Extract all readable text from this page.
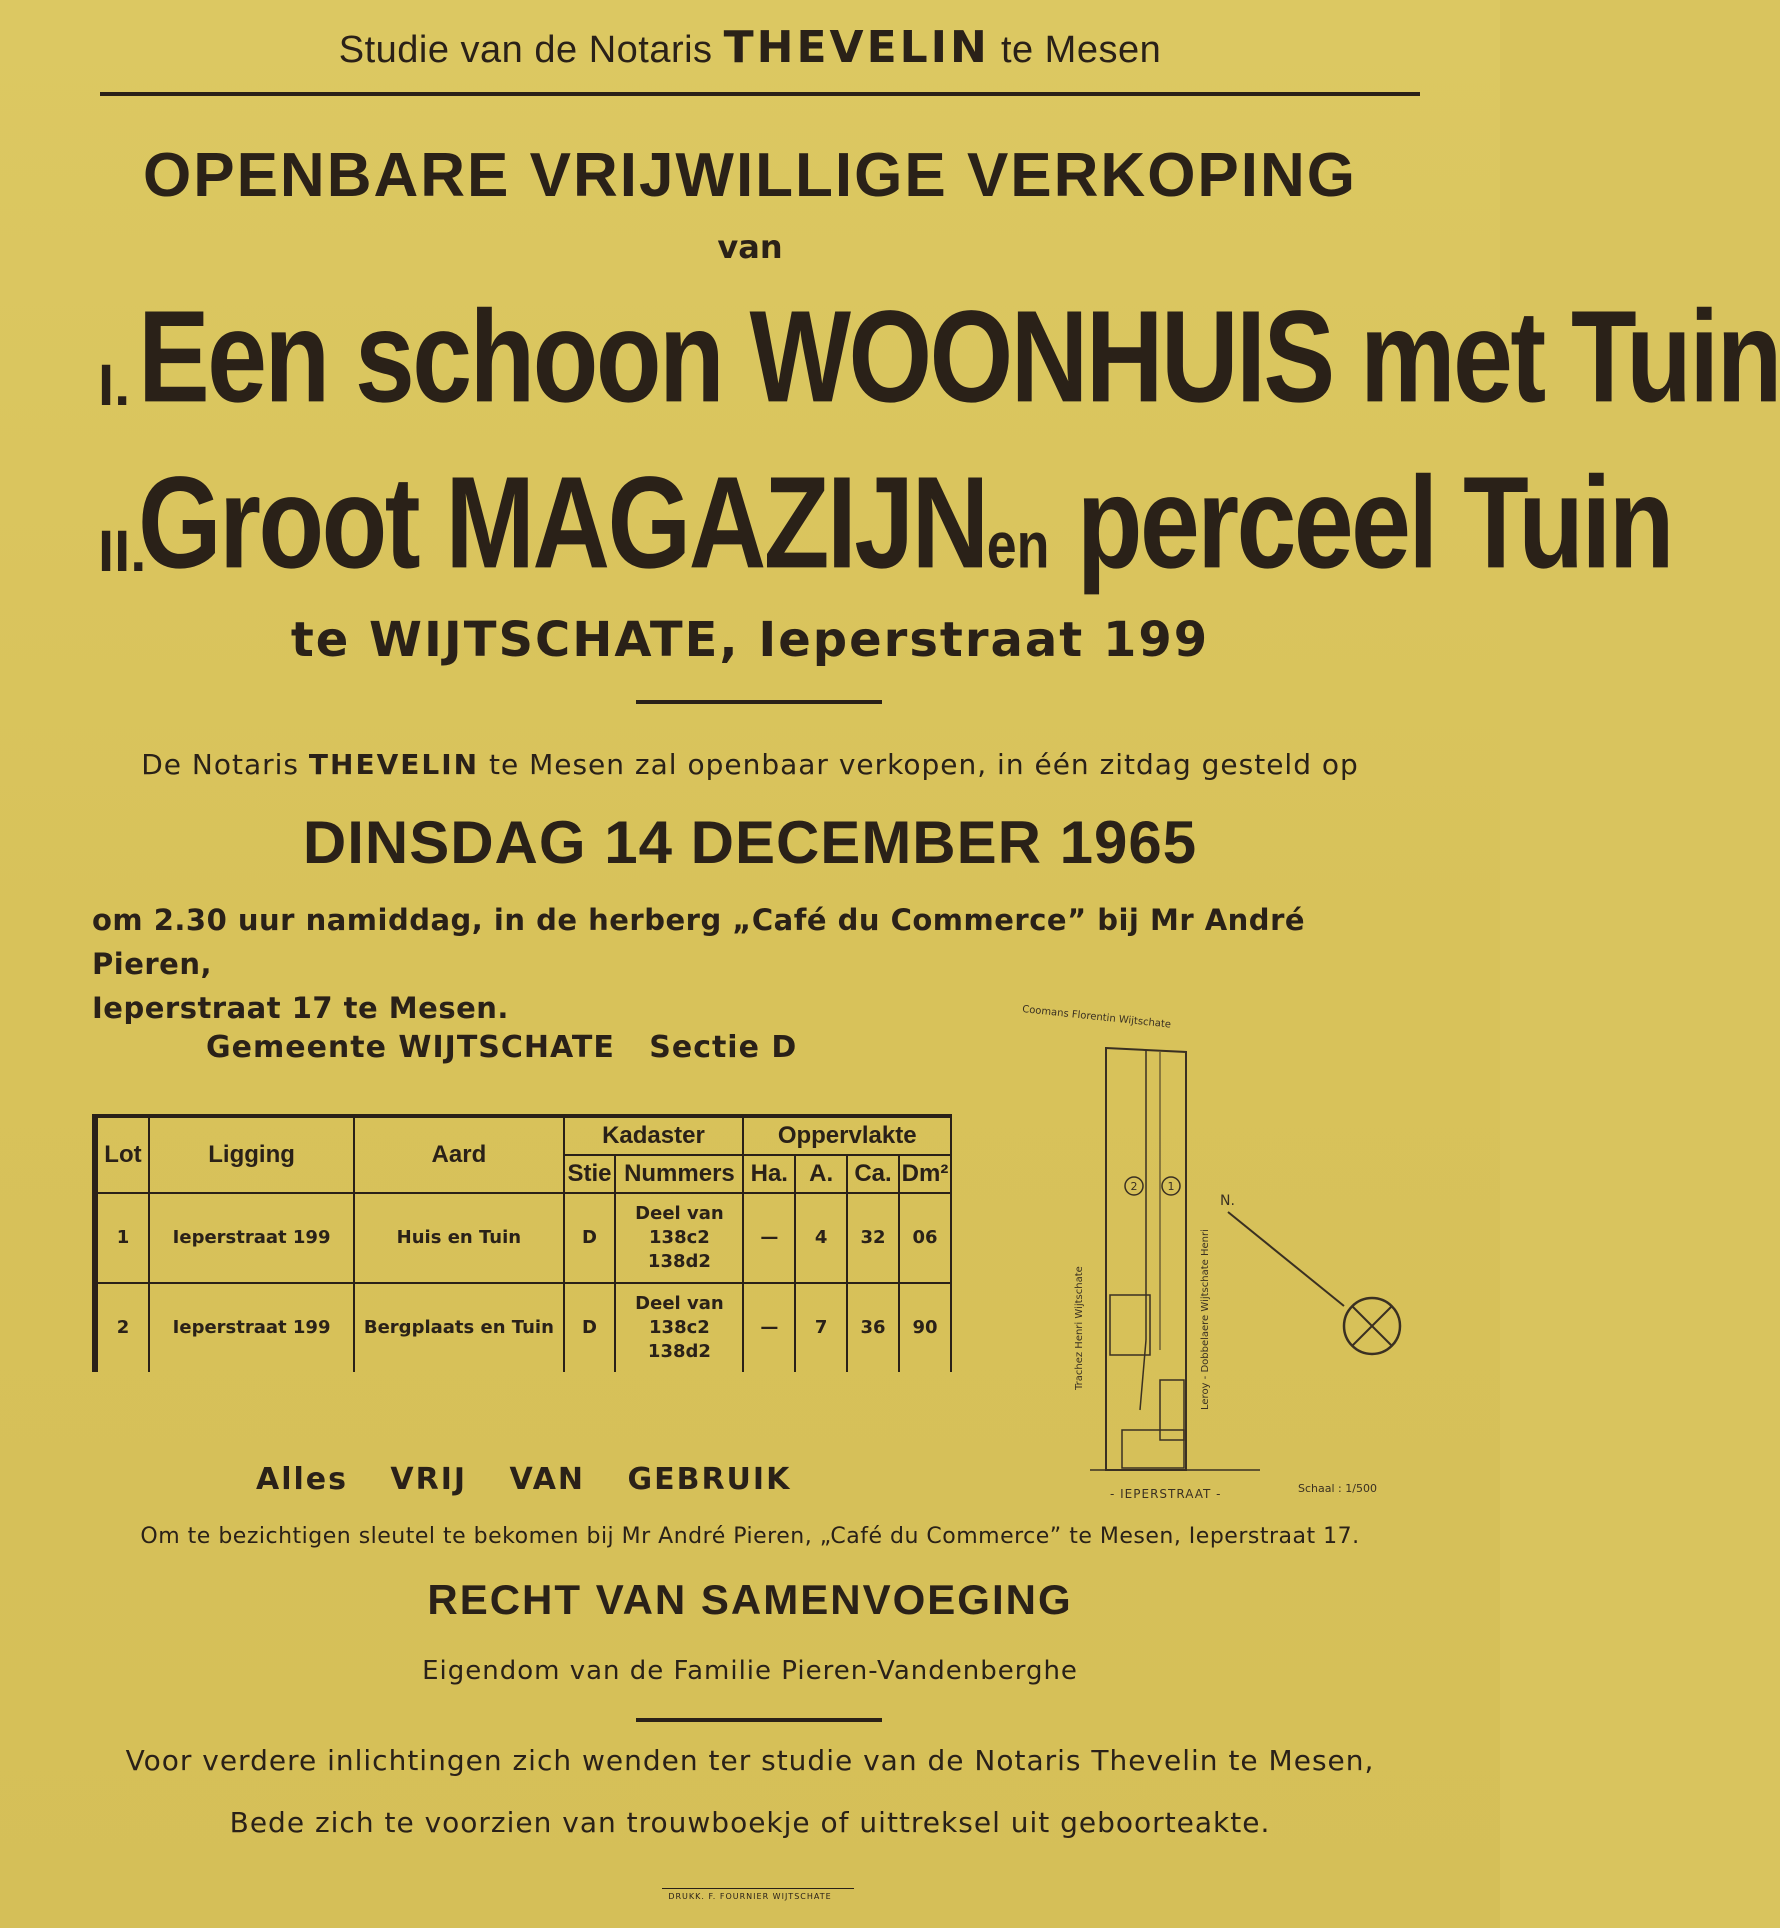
Studie van de Notaris THEVELIN te Mesen
OPENBARE VRIJWILLIGE VERKOPING
van
I. Een schoon WOONHUIS met Tuin
II.
Groot MAGAZIJNen perceel Tuin
te WIJTSCHATE, Ieperstraat 199
De Notaris THEVELIN te Mesen zal openbaar verkopen, in één zitdag gesteld op
DINSDAG 14 DECEMBER 1965
om 2.30 uur namiddag, in de herberg „Café du Commerce” bij Mr André Pieren,
Ieperstraat 17 te Mesen.
Gemeente WIJTSCHATE Sectie D
Lot	Ligging	Aard	Kadaster		Oppervlakte			
			Stie	Nummers	Ha.	A.	Ca.	Dm²
1	Ieperstraat 199	Huis en Tuin	D	Deel van
138c2
138d2	—	4	32	06
2	Ieperstraat 199	Bergplaats en Tuin	D	Deel van
138c2
138d2	—	7	36	90
Coomans Florentin Wijtschate
2	1
Trachez Henri Wijtschate	Leroy - Dobbelaere Wijtschate Henri
N.
- IEPERSTRAAT -	Schaal : 1/500
Alles VRIJ VAN GEBRUIK
Om te bezichtigen sleutel te bekomen bij Mr André Pieren, „Café du Commerce” te Mesen, Ieperstraat 17.
RECHT VAN SAMENVOEGING
Eigendom van de Familie Pieren-Vandenberghe
Voor verdere inlichtingen zich wenden ter studie van de Notaris Thevelin te Mesen,
Bede zich te voorzien van trouwboekje of uittreksel uit geboorteakte.
DRUKK. F. FOURNIER WIJTSCHATE
